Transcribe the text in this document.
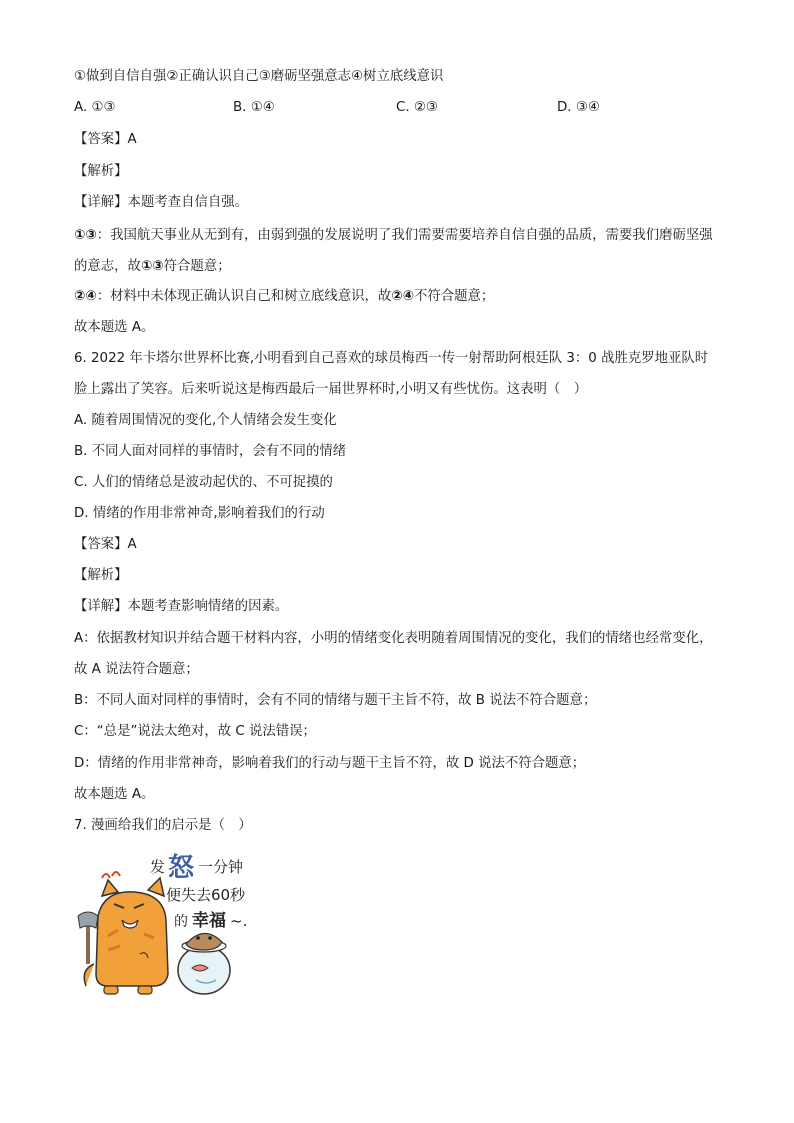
①做到自信自强②正确认识自己③磨砺坚强意志④树立底线意识
A. ①③	B. ①④	C. ②③	D. ③④
【答案】A
【解析】
【详解】本题考查自信自强。
①③：我国航天事业从无到有，由弱到强的发展说明了我们需要需要培养自信自强的品质，需要我们磨砺坚强的意志，故①③符合题意；
②④：材料中未体现正确认识自己和树立底线意识，故②④不符合题意；
故本题选 A。
6. 2022 年卡塔尔世界杯比赛,小明看到自己喜欢的球员梅西一传一射帮助阿根廷队 3：0 战胜克罗地亚队时
脸上露出了笑容。后来听说这是梅西最后一届世界杯时,小明又有些忧伤。这表明（　）
A. 随着周围情况的变化,个人情绪会发生变化
B. 不同人面对同样的事情时，会有不同的情绪
C. 人们的情绪总是波动起伏的、不可捉摸的
D. 情绪的作用非常神奇,影响着我们的行动
【答案】A
【解析】
【详解】本题考查影响情绪的因素。
A：依据教材知识并结合题干材料内容，小明的情绪变化表明随着周围情况的变化，我们的情绪也经常变化，故 A 说法符合题意；
B：不同人面对同样的事情时，会有不同的情绪与题干主旨不符，故 B 说法不符合题意；
C：“总是”说法太绝对，故 C 说法错误；
D：情绪的作用非常神奇，影响着我们的行动与题干主旨不符，故 D 说法不符合题意；
故本题选 A。
7. 漫画给我们的启示是（　）
发 怒 一分钟
便失去60秒
的 幸福 ~.
